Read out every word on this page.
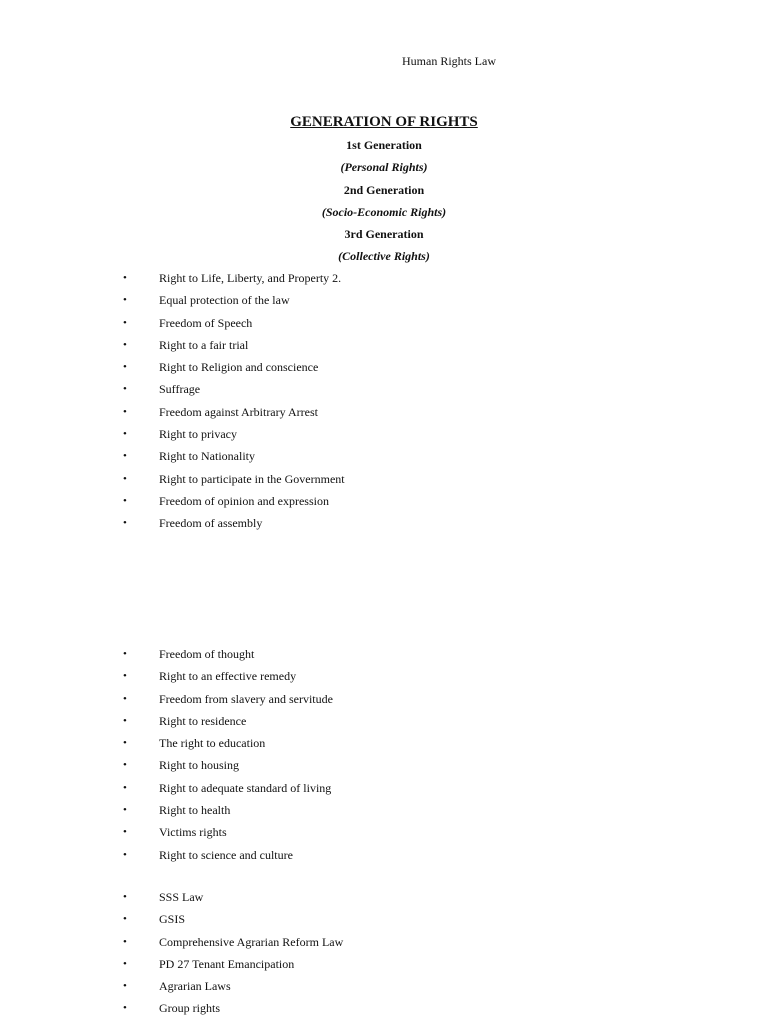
Human Rights Law
GENERATION OF RIGHTS
1st Generation
(Personal Rights)
2nd Generation
(Socio-Economic Rights)
3rd Generation
(Collective Rights)
•	Right to Life, Liberty, and Property 2.
•	Equal protection of the law
•	Freedom of Speech
•	Right to a fair trial
•	Right to Religion and conscience
•	Suffrage
•	Freedom against Arbitrary Arrest
•	Right to privacy
•	Right to Nationality
•	Right to participate in the Government
•	Freedom of opinion and expression
•	Freedom of assembly
•	Freedom of thought
•	Right to an effective remedy
•	Freedom from slavery and servitude
•	Right to residence
•	The right to education
•	Right to housing
•	Right to adequate standard of living
•	Right to health
•	Victims rights
•	Right to science and culture
•	SSS Law
•	GSIS
•	Comprehensive Agrarian Reform Law
•	PD 27 Tenant Emancipation
•	Agrarian Laws
•	Group rights
